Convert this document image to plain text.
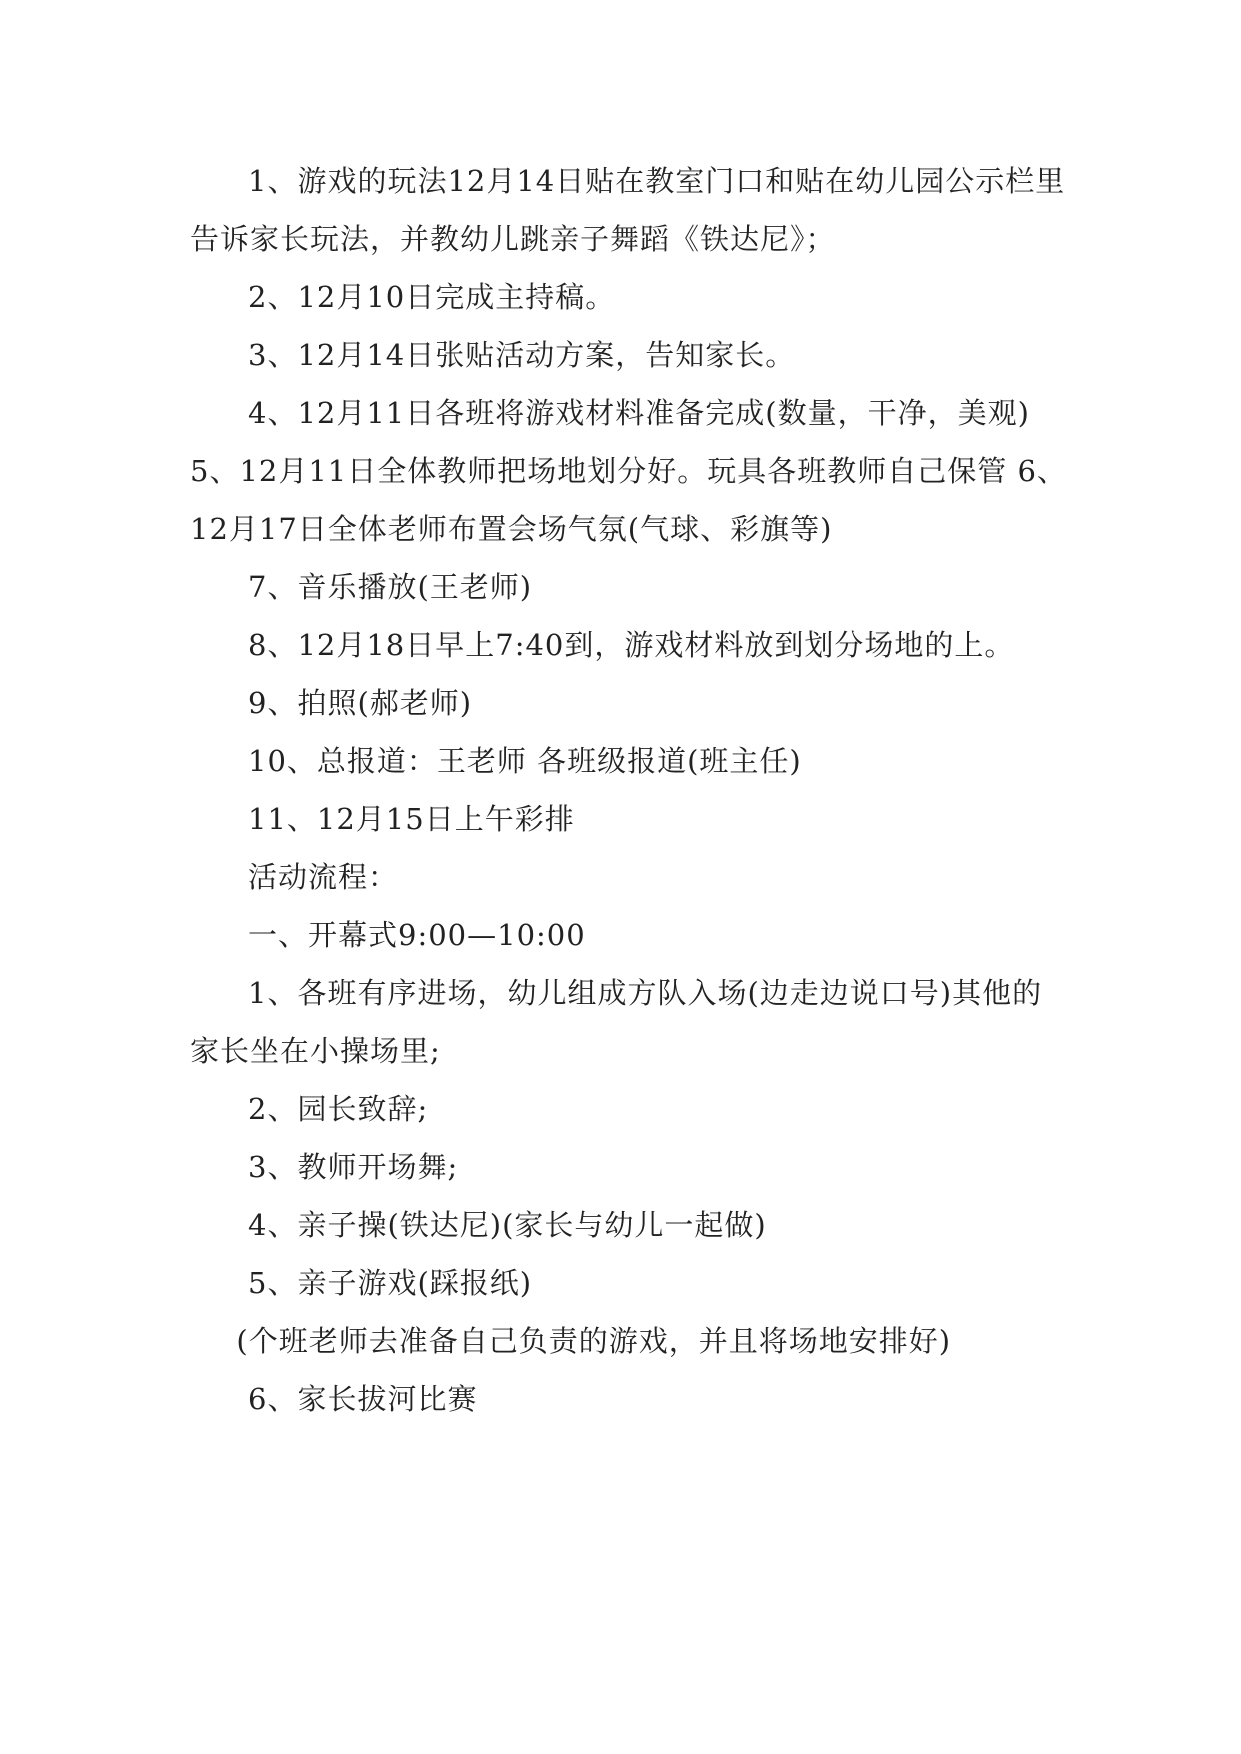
1、游戏的玩法12月14日贴在教室门口和贴在幼儿园公示栏里告诉家长玩法，并教幼儿跳亲子舞蹈《铁达尼》；

2、12月10日完成主持稿。

3、12月14日张贴活动方案，告知家长。

4、12月11日各班将游戏材料准备完成(数量，干净，美观) 5、12月11日全体教师把场地划分好。玩具各班教师自己保管 6、12月17日全体老师布置会场气氛(气球、彩旗等)

7、音乐播放(王老师)

8、12月18日早上7:40到，游戏材料放到划分场地的上。

9、拍照(郝老师)

10、总报道：王老师 各班级报道(班主任)

11、12月15日上午彩排

活动流程：

一、开幕式9:00—10:00

1、各班有序进场，幼儿组成方队入场(边走边说口号)其他的家长坐在小操场里;

2、园长致辞;

3、教师开场舞;

4、亲子操(铁达尼)(家长与幼儿一起做)

5、亲子游戏(踩报纸)

(个班老师去准备自己负责的游戏，并且将场地安排好)

6、家长拔河比赛
